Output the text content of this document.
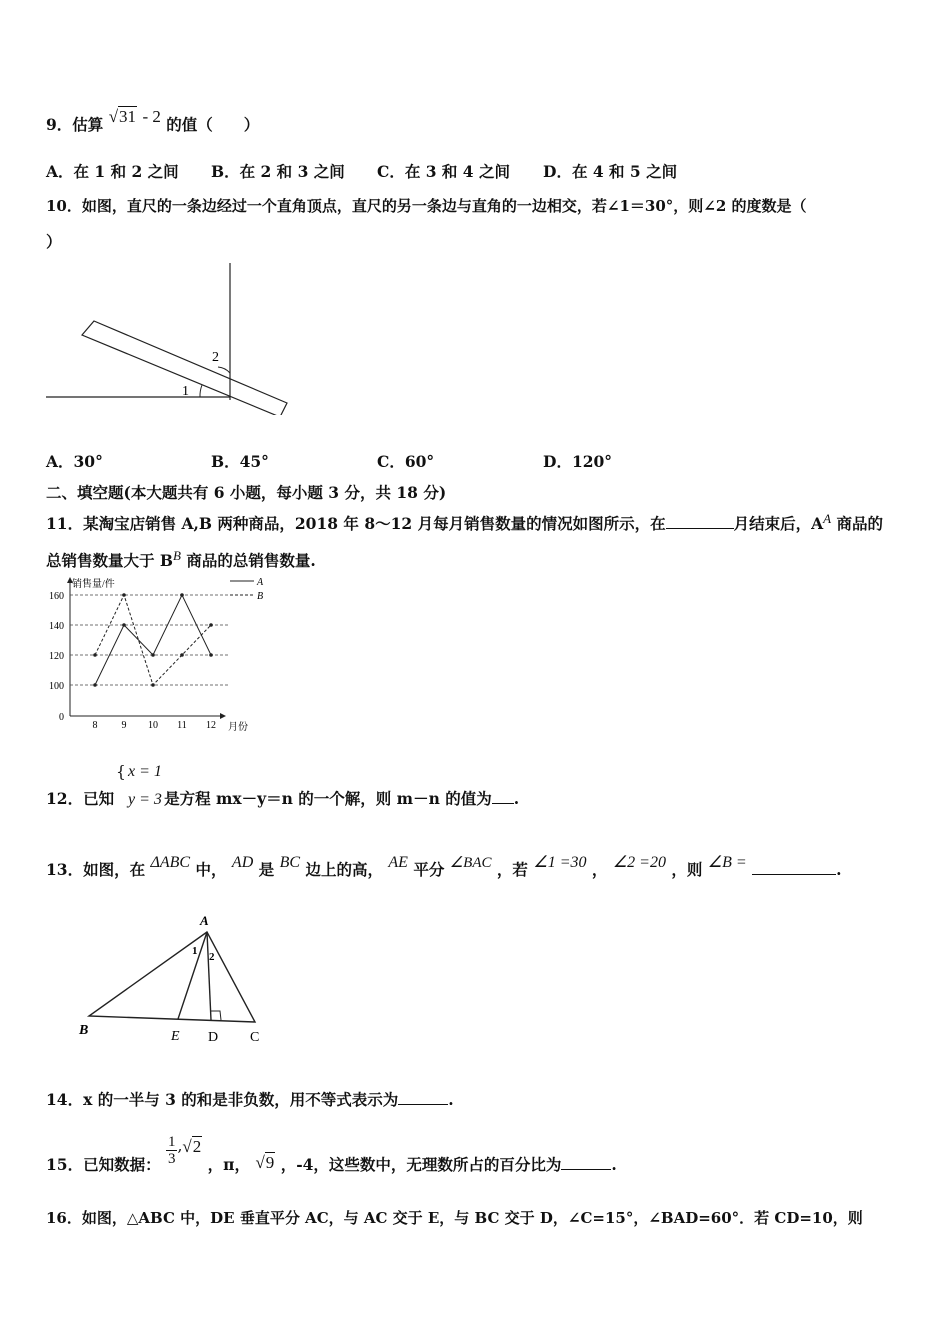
9．估算 √31 - 2 的值（　　）
A．在 1 和 2 之间 B．在 2 和 3 之间 C．在 3 和 4 之间 D．在 4 和 5 之间
10．如图，直尺的一条边经过一个直角顶点，直尺的另一条边与直角的一边相交，若∠1＝30°，则∠2 的度数是（
）
1
2
A．30°	B．45°	C．60°	D．120°
二、填空题(本大题共有 6 小题，每小题 3 分，共 18 分)
11．某淘宝店销售 A,B 两种商品，2018 年 8～12 月每月销售数量的情况如图所示，在	月结束后，$A^A$ 商品的
总销售数量大于 $B^B$ 商品的总销售数量.
0
100
120
140
160
8 9 10 11 12
销售量/件
月份
A
B
{ x = 1
y = 3
12．已知	是方程 mx－y＝n 的一个解，则 m－n 的值为 .
13．如图，在 ΔABC 中， AD 是 BC 边上的高， AE 平分 ∠BAC ，若 ∠1 =30 ， ∠2 =20 ，则 ∠B =	.
A
B	E D C
1 2
14．x 的一半与 3 的和是非负数，用不等式表示为	.
15．已知数据： $\frac{1}{3} ,√2$ ，π， √9 ，-4，这些数中，无理数所占的百分比为	.
16．如图，△ABC 中，DE 垂直平分 AC，与 AC 交于 E，与 BC 交于 D，∠C=15°，∠BAD=60°．若 CD=10，则
